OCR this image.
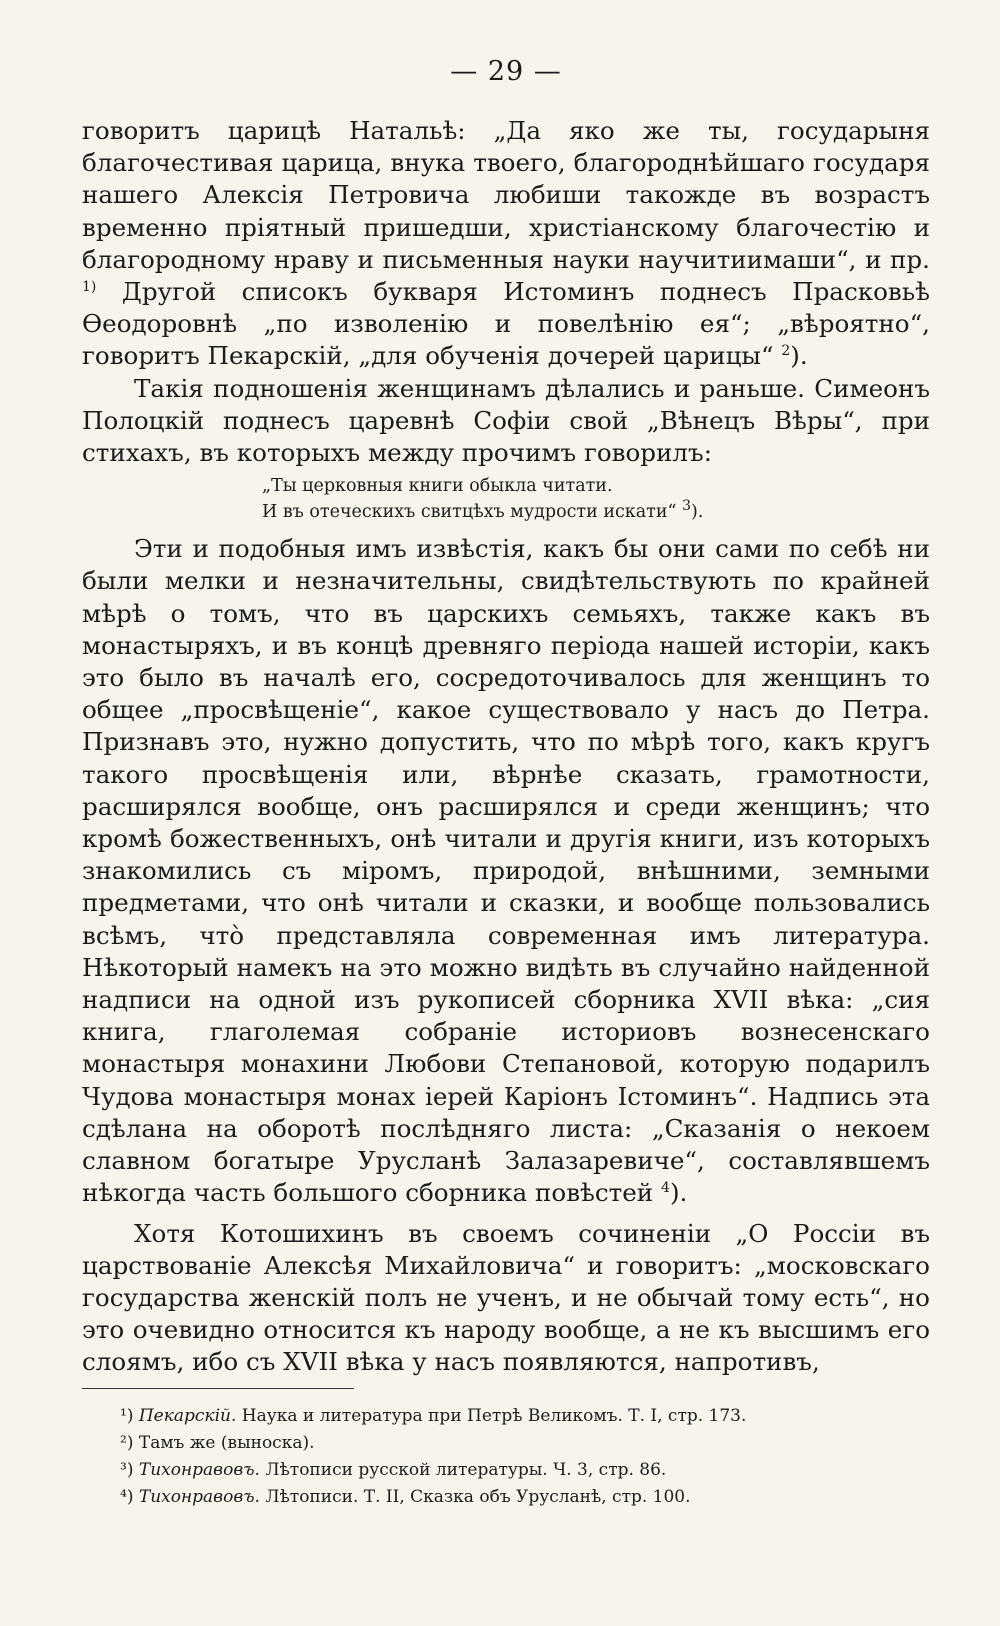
— 29 —

говоритъ царицѣ Натальѣ: „Да яко же ты, государыня благочестивая царица, внука твоего, благороднѣйшаго государя нашего Алексія Петровича любиши такожде въ возрастъ временно пріятный пришедши, христіанскому благочестію и благородному нраву и письменныя науки научитиимаши“, и пр. $^{1)}$ Другой списокъ букваря Истоминъ поднесъ Прасковьѣ Ѳеодоровнѣ „по изволенію и повелѣнію ея“; „вѣроятно“, говоритъ Пекарскій, „для обученія дочерей царицы“ $^2$).

Такія подношенія женщинамъ дѣлались и раньше. Симеонъ Полоцкій поднесъ царевнѣ Софіи свой „Вѣнецъ Вѣры“, при стихахъ, въ которыхъ между прочимъ говорилъ:

„Ты церковныя книги обыкла читати.
И въ отеческихъ свитцѣхъ мудрости искати“ $^3$).

Эти и подобныя имъ извѣстія, какъ бы они сами по себѣ ни были мелки и незначительны, свидѣтельствують по крайней мѣрѣ о томъ, что въ царскихъ семьяхъ, также какъ въ монастыряхъ, и въ концѣ древняго періода нашей исторіи, какъ это было въ началѣ его, сосредоточивалось для женщинъ то общее „просвѣщеніе“, какое существовало у насъ до Петра. Признавъ это, нужно допустить, что по мѣрѣ того, какъ кругъ такого просвѣщенія или, вѣрнѣе сказать, грамотности, расширялся вообще, онъ расширялся и среди женщинъ; что кромѣ божественныхъ, онѣ читали и другія книги, изъ которыхъ знакомились съ міромъ, природой, внѣшними, земными предметами, что онѣ читали и сказки, и вообще пользовались всѣмъ, что̀ представляла современная имъ литература. Нѣкоторый намекъ на это можно видѣть въ случайно найденной надписи на одной изъ рукописей сборника XVII вѣка: „сия книга, глаголемая собраніе историовъ вознесенскаго монастыря монахини Любови Степановой, которую подарилъ Чудова монастыря монах іерей Каріонъ Істоминъ“. Надпись эта сдѣлана на оборотѣ послѣдняго листа: „Сказанія о некоем славном богатыре Урусланѣ Залазаревиче“, составлявшемъ нѣкогда часть большого сборника повѣстей $^4$).

Хотя Котошихинъ въ своемъ сочиненіи „О Россіи въ царствованіе Алексѣя Михайловича“ и говоритъ: „московскаго государства женскій полъ не ученъ, и не обычай тому есть“, но это очевидно относится къ народу вообще, а не къ высшимъ его слоямъ, ибо съ XVII вѣка у насъ появляются, напротивъ,

¹) Пекарскій. Наука и литература при Петрѣ Великомъ. Т. I, стр. 173.
²) Тамъ же (выноска).
³) Тихонравовъ. Лѣтописи русской литературы. Ч. 3, стр. 86.
⁴) Тихонравовъ. Лѣтописи. Т. II, Сказка объ Урусланѣ, стр. 100.
